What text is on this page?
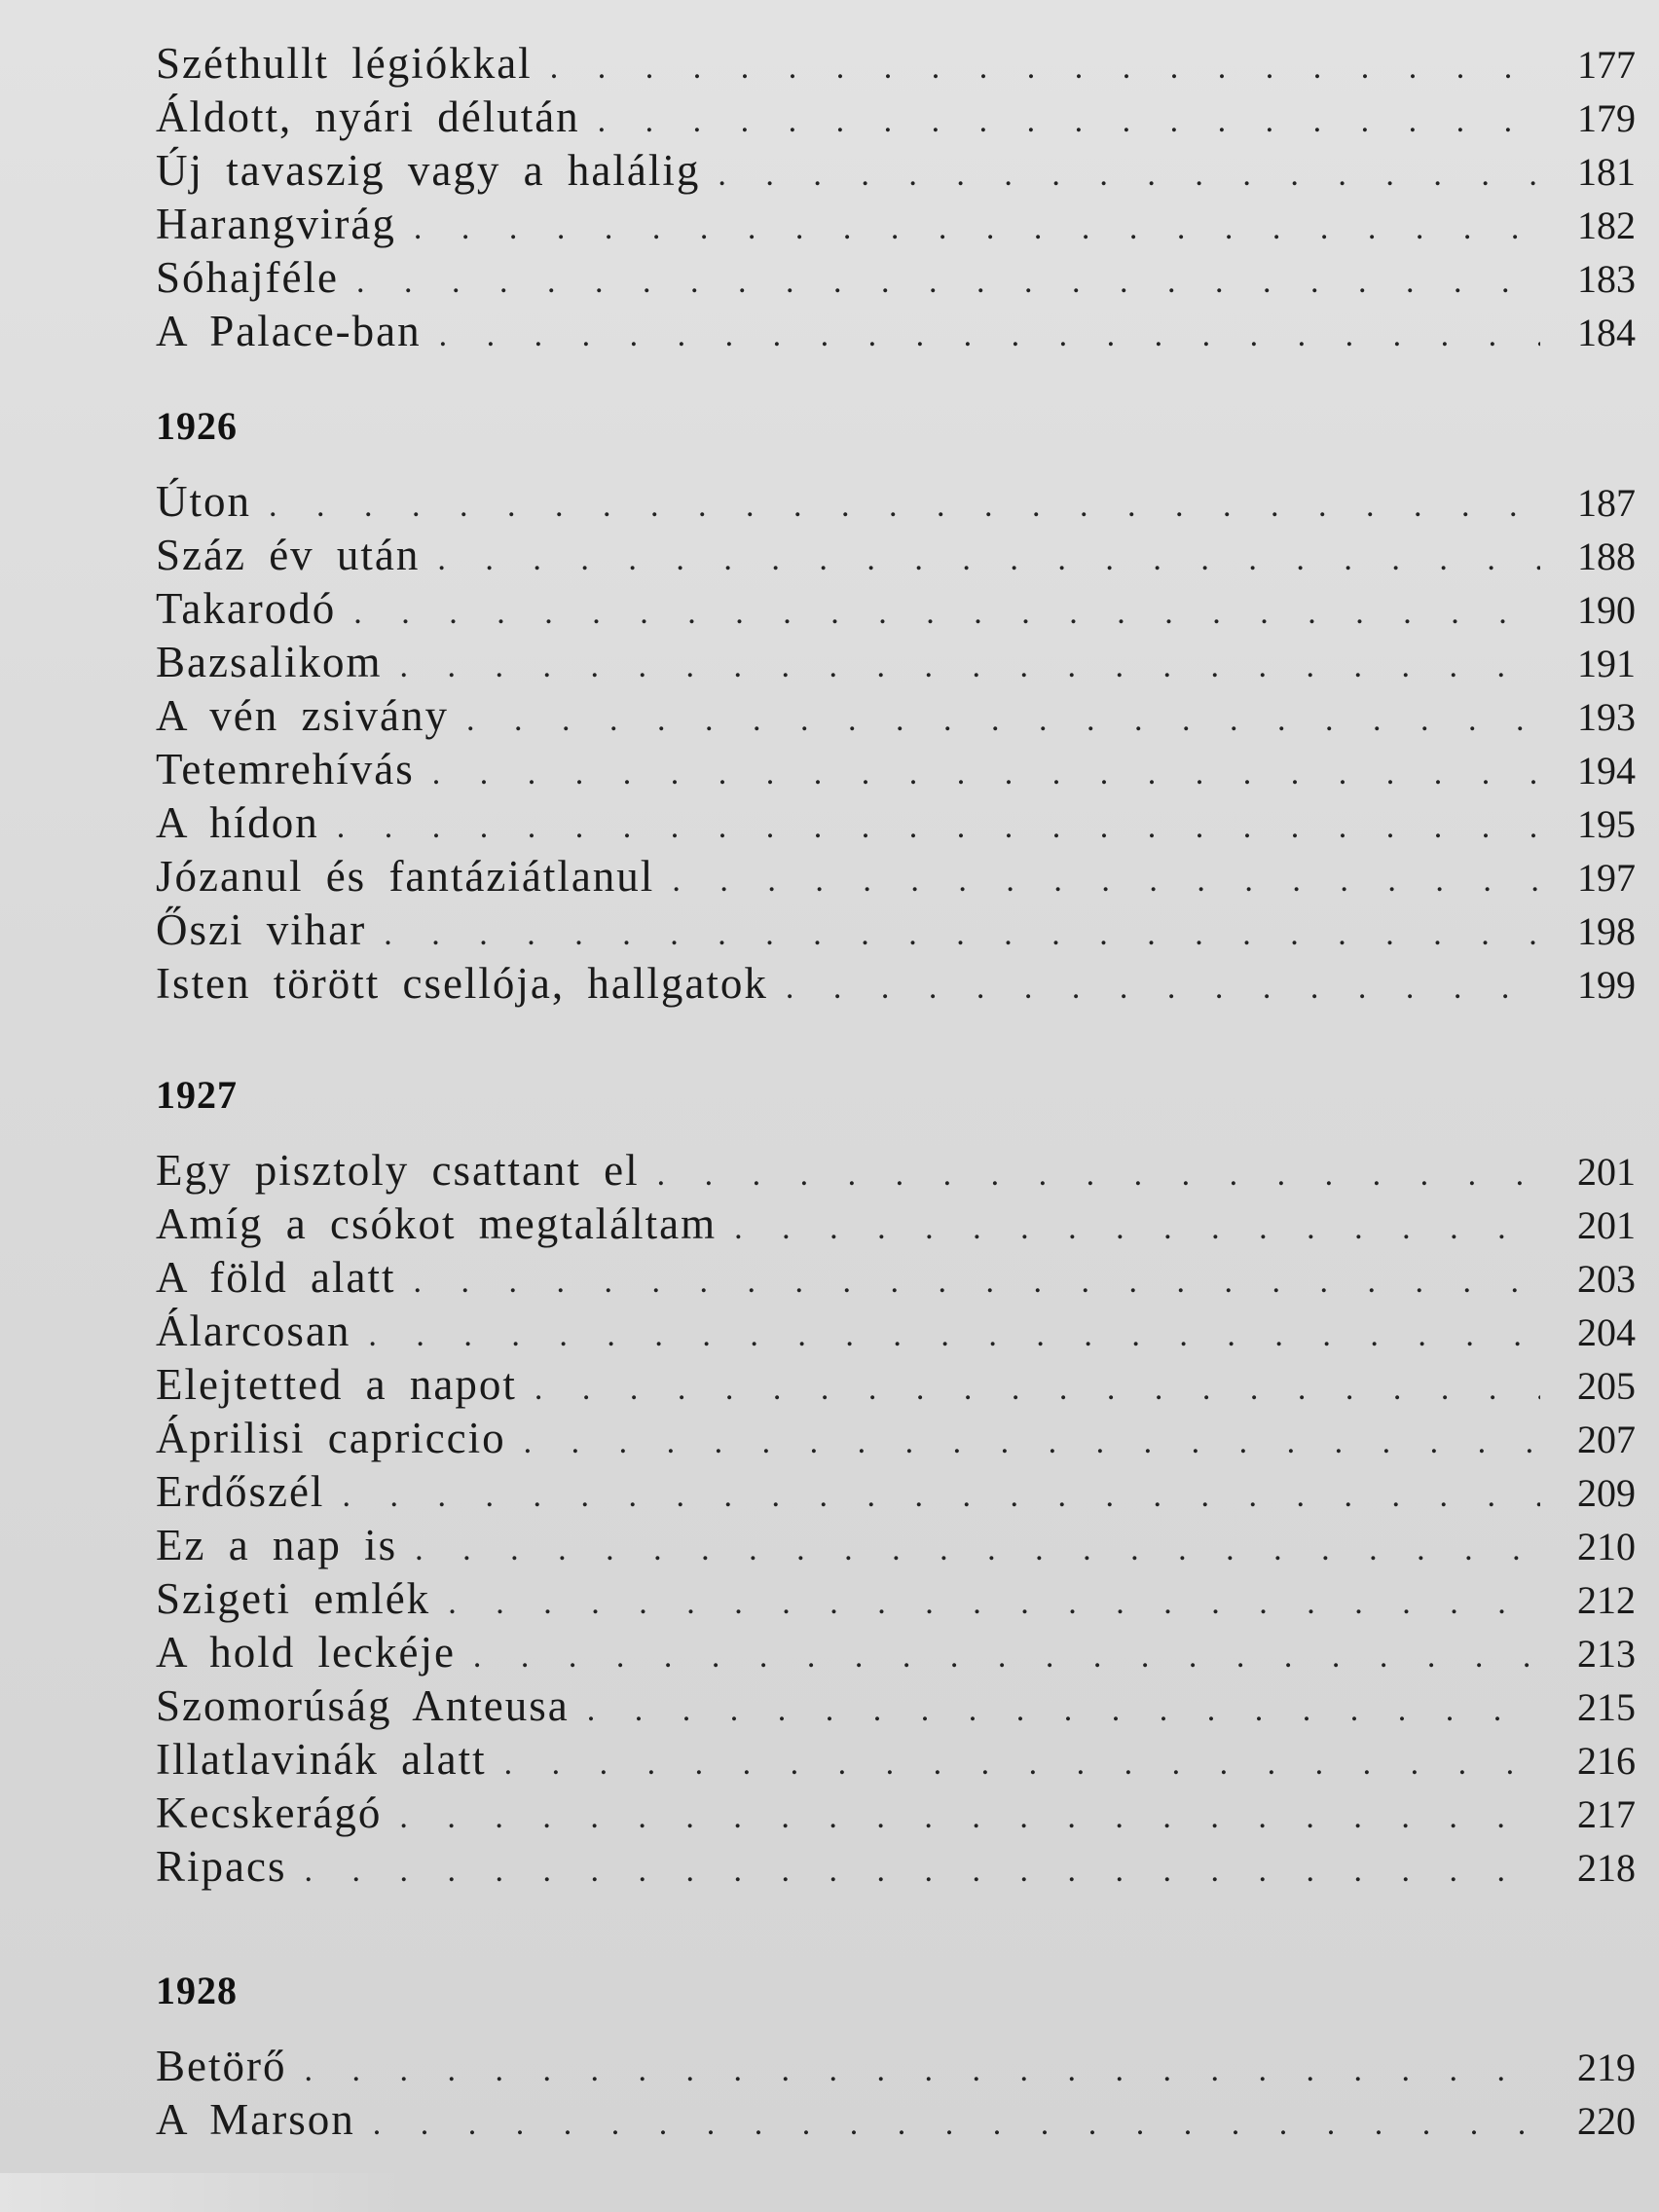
Széthullt légiókkal . . .	177
Áldott, nyári délután . . .	179
Új tavaszig vagy a halálig . . .	181
Harangvirág . . .	182
Sóhajféle . . .	183
A Palace-ban . . .	184
1926
Úton . . .	187
Száz év után . . .	188
Takarodó . . .	190
Bazsalikom . . .	191
A vén zsivány . . .	193
Tetemrehívás . . .	194
A hídon . . .	195
Józanul és fantáziátlanul . . .	197
Őszi vihar . . .	198
Isten törött csellója, hallgatok . . .	199
1927
Egy pisztoly csattant el . . .	201
Amíg a csókot megtaláltam . . .	201
A föld alatt . . .	203
Álarcosan . . .	204
Elejtetted a napot . . .	205
Áprilisi capriccio . . .	207
Erdőszél . . .	209
Ez a nap is . . .	210
Szigeti emlék . . .	212
A hold leckéje . . .	213
Szomorúság Anteusa . . .	215
Illatlavinák alatt . . .	216
Kecskerágó . . .	217
Ripacs . . .	218
1928
Betörő . . .	219
A Marson . . .	220
